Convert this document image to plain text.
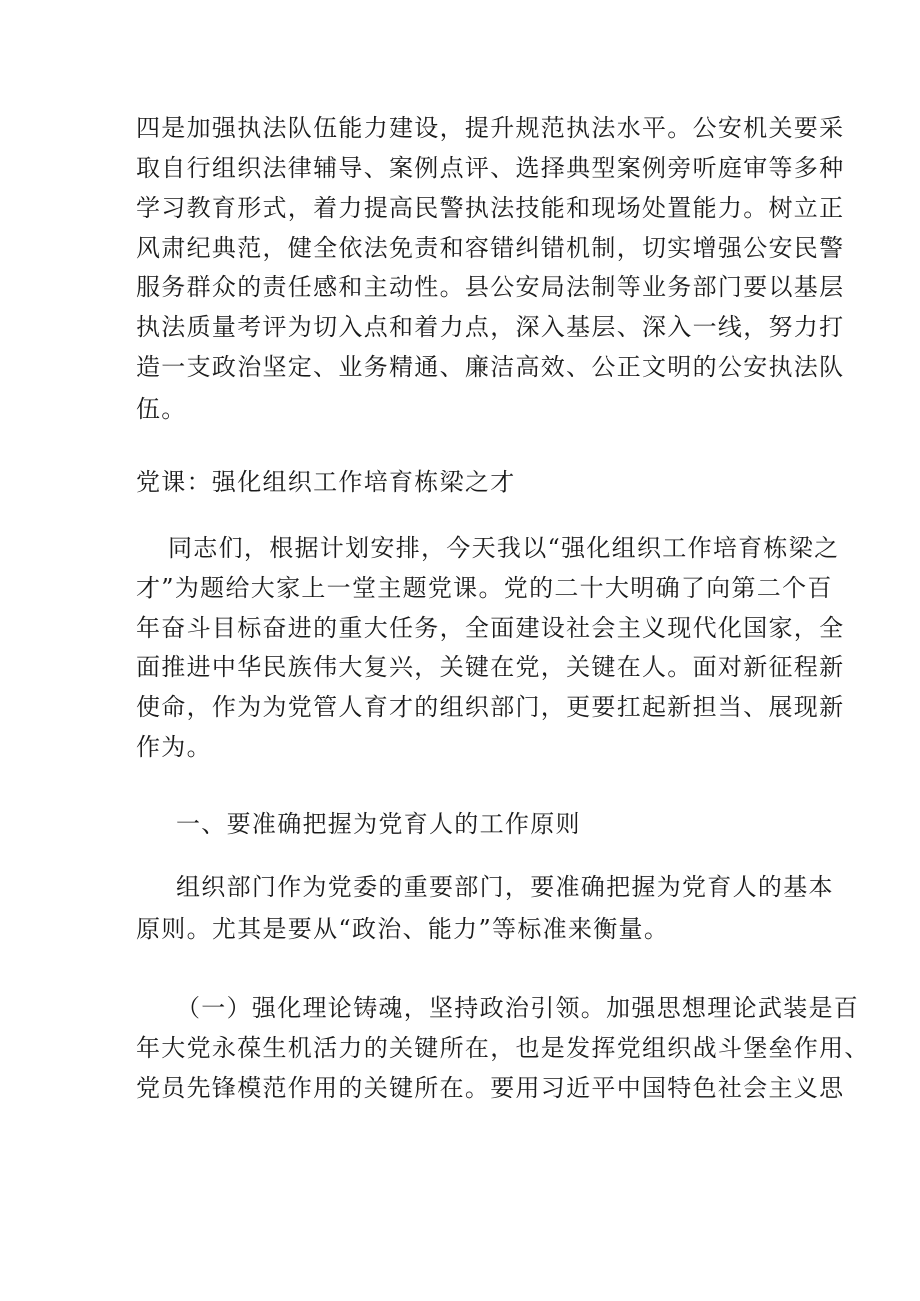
四是加强执法队伍能力建设，提升规范执法水平。公安机关要采
取自行组织法律辅导、案例点评、选择典型案例旁听庭审等多种
学习教育形式，着力提高民警执法技能和现场处置能力。树立正
风肃纪典范，健全依法免责和容错纠错机制，切实增强公安民警
服务群众的责任感和主动性。县公安局法制等业务部门要以基层
执法质量考评为切入点和着力点，深入基层、深入一线，努力打
造一支政治坚定、业务精通、廉洁高效、公正文明的公安执法队
伍。
党课：强化组织工作培育栋梁之才
同志们，根据计划安排，今天我以“强化组织工作培育栋梁之
才”为题给大家上一堂主题党课。党的二十大明确了向第二个百
年奋斗目标奋进的重大任务，全面建设社会主义现代化国家，全
面推进中华民族伟大复兴，关键在党，关键在人。面对新征程新
使命，作为为党管人育才的组织部门，更要扛起新担当、展现新
作为。
一、要准确把握为党育人的工作原则
组织部门作为党委的重要部门，要准确把握为党育人的基本
原则。尤其是要从“政治、能力”等标准来衡量。
（一）强化理论铸魂，坚持政治引领。加强思想理论武装是百
年大党永葆生机活力的关键所在，也是发挥党组织战斗堡垒作用、
党员先锋模范作用的关键所在。要用习近平中国特色社会主义思
